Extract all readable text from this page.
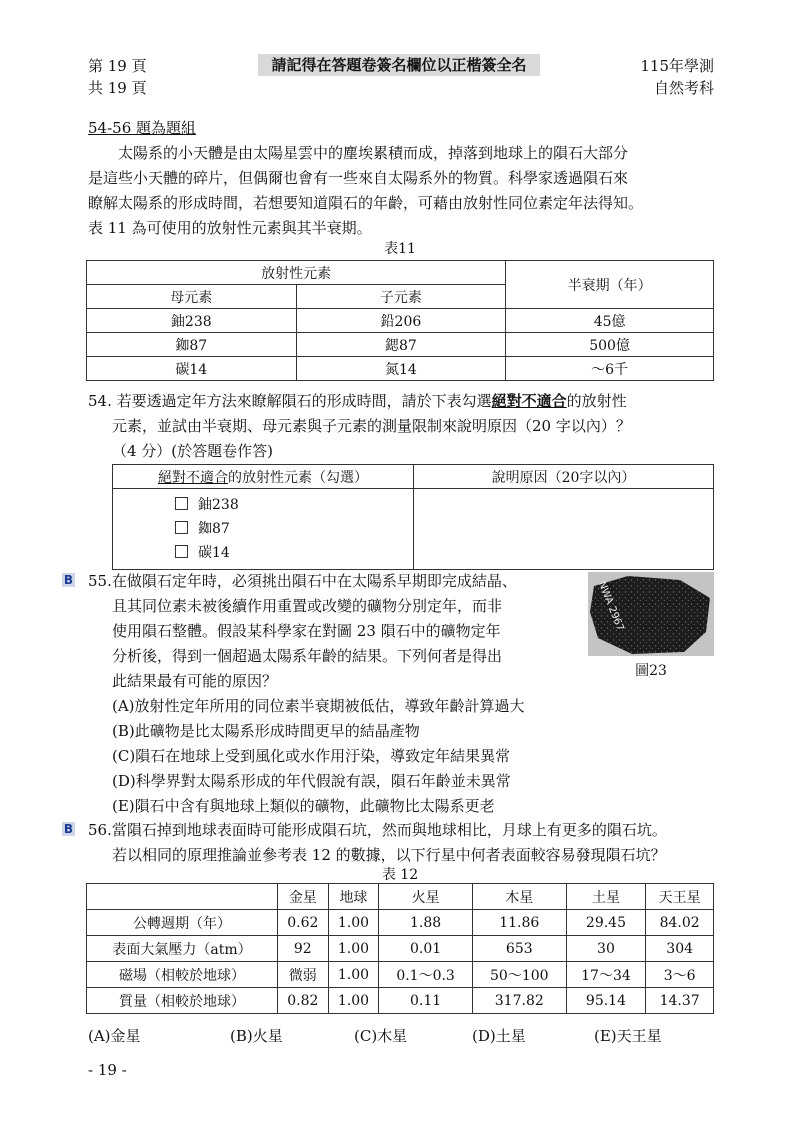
第 19 頁
共 19 頁
請記得在答題卷簽名欄位以正楷簽全名	115年學測
自然考科
54-56 題為題組
太陽系的小天體是由太陽星雲中的塵埃累積而成，掉落到地球上的隕石大部分
是這些小天體的碎片，但偶爾也會有一些來自太陽系外的物質。科學家透過隕石來
瞭解太陽系的形成時間，若想要知道隕石的年齡，可藉由放射性同位素定年法得知。
表 11 為可使用的放射性元素與其半衰期。
表11
放射性元素		半衰期（年）
母元素	子元素	
鈾238	鉛206	45億
銣87	鍶87	500億
碳14	氮14	～6千
54. 若要透過定年方法來瞭解隕石的形成時間，請於下表勾選絕對不適合的放射性
元素，並試由半衰期、母元素與子元素的測量限制來說明原因（20 字以內）？
（4 分）(於答題卷作答)
絕對不適合的放射性元素（勾選）	說明原因（20字以內）

鈾238
銣87
碳14	

B 55.在做隕石定年時，必須挑出隕石中在太陽系早期即完成結晶、
且其同位素未被後續作用重置或改變的礦物分別定年，而非
使用隕石整體。假設某科學家在對圖 23 隕石中的礦物定年
分析後，得到一個超過太陽系年齡的結果。下列何者是得出
此結果最有可能的原因？
NWA 2967
圖23
(A)放射性定年所用的同位素半衰期被低估，導致年齡計算過大
(B)此礦物是比太陽系形成時間更早的結晶產物
(C)隕石在地球上受到風化或水作用汙染，導致定年結果異常
(D)科學界對太陽系形成的年代假說有誤，隕石年齡並未異常
(E)隕石中含有與地球上類似的礦物，此礦物比太陽系更老
B 56.當隕石掉到地球表面時可能形成隕石坑，然而與地球相比，月球上有更多的隕石坑。
若以相同的原理推論並參考表 12 的數據，以下行星中何者表面較容易發現隕石坑？
表 12
	金星	地球	火星	木星	土星	天王星
公轉週期（年）	0.62	1.00	1.88	11.86	29.45	84.02
表面大氣壓力（atm）	92	1.00	0.01	653	30	304
磁場（相較於地球）	微弱	1.00	0.1～0.3	50～100	17～34	3～6
質量（相較於地球）	0.82	1.00	0.11	317.82	95.14	14.37
(A)金星	(B)火星	(C)木星	(D)土星	(E)天王星
- 19 -
